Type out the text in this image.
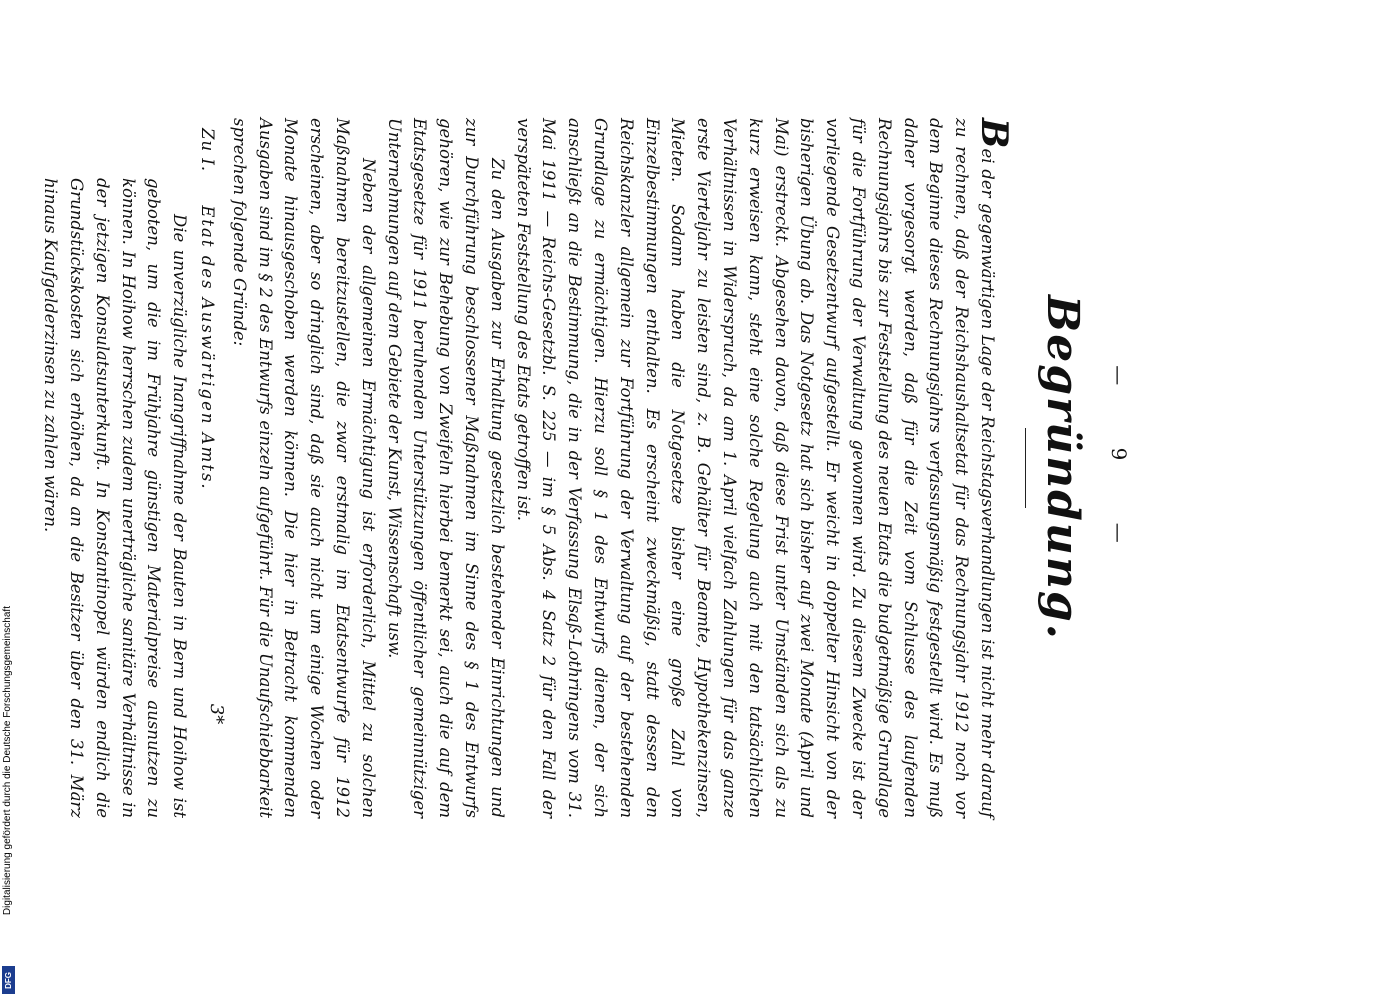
— 9 —
Begründung.

Bei der gegenwärtigen Lage der Reichstagsverhandlungen ist nicht mehr darauf zu rechnen, daß der Reichshaushaltsetat für das Rechnungsjahr 1912 noch vor dem Beginne dieses Rechnungsjahrs verfassungsmäßig festgestellt wird. Es muß daher vorgesorgt werden, daß für die Zeit vom Schlusse des laufenden Rechnungsjahrs bis zur Feststellung des neuen Etats die budgetmäßige Grundlage für die Fortführung der Verwaltung gewonnen wird. Zu diesem Zwecke ist der vorliegende Gesetzentwurf aufgestellt. Er weicht in doppelter Hinsicht von der bisherigen Übung ab. Das Notgesetz hat sich bisher auf zwei Monate (April und Mai) erstreckt. Abgesehen davon, daß diese Frist unter Umständen sich als zu kurz erweisen kann, steht eine solche Regelung auch mit den tatsächlichen Verhältnissen in Widerspruch, da am 1. April vielfach Zahlungen für das ganze erste Vierteljahr zu leisten sind, z. B. Gehälter für Beamte, Hypothekenzinsen, Mieten. Sodann haben die Notgesetze bisher eine große Zahl von Einzelbestimmungen enthalten. Es erscheint zweckmäßig, statt dessen den Reichskanzler allgemein zur Fortführung der Verwaltung auf der bestehenden Grundlage zu ermächtigen. Hierzu soll § 1 des Entwurfs dienen, der sich anschließt an die Bestimmung, die in der Verfassung Elsaß-Lothringens vom 31. Mai 1911 — Reichs-Gesetzbl. S. 225 — im § 5 Abs. 4 Satz 2 für den Fall der verspäteten Feststellung des Etats getroffen ist.

Zu den Ausgaben zur Erhaltung gesetzlich bestehender Einrichtungen und zur Durchführung beschlossener Maßnahmen im Sinne des § 1 des Entwurfs gehören, wie zur Behebung von Zweifeln hierbei bemerkt sei, auch die auf dem Etatsgesetze für 1911 beruhenden Unterstützungen öffentlicher gemeinnütziger Unternehmungen auf dem Gebiete der Kunst, Wissenschaft usw.

Neben der allgemeinen Ermächtigung ist erforderlich, Mittel zu solchen Maßnahmen bereitzustellen, die zwar erstmalig im Etatsentwurfe für 1912 erscheinen, aber so dringlich sind, daß sie auch nicht um einige Wochen oder Monate hinausgeschoben werden können. Die hier in Betracht kommenden Ausgaben sind im § 2 des Entwurfs einzeln aufgeführt. Für die Unaufschiebbarkeit sprechen folgende Gründe:

Zu I. Etat des Auswärtigen Amts.

Die unverzügliche Inangriffnahme der Bauten in Bern und Hoihow ist geboten, um die im Frühjahre günstigen Materialpreise ausnutzen zu können. In Hoihow herrschen zudem unerträgliche sanitäre Verhältnisse in der jetzigen Konsulatsunterkunft. In Konstantinopel würden endlich die Grundstückskosten sich erhöhen, da an die Besitzer über den 31. März hinaus Kaufgelderzinsen zu zahlen wären.

3*
Digitalisierung gefördert durch die Deutsche Forschungsgemeinschaft
DFG
